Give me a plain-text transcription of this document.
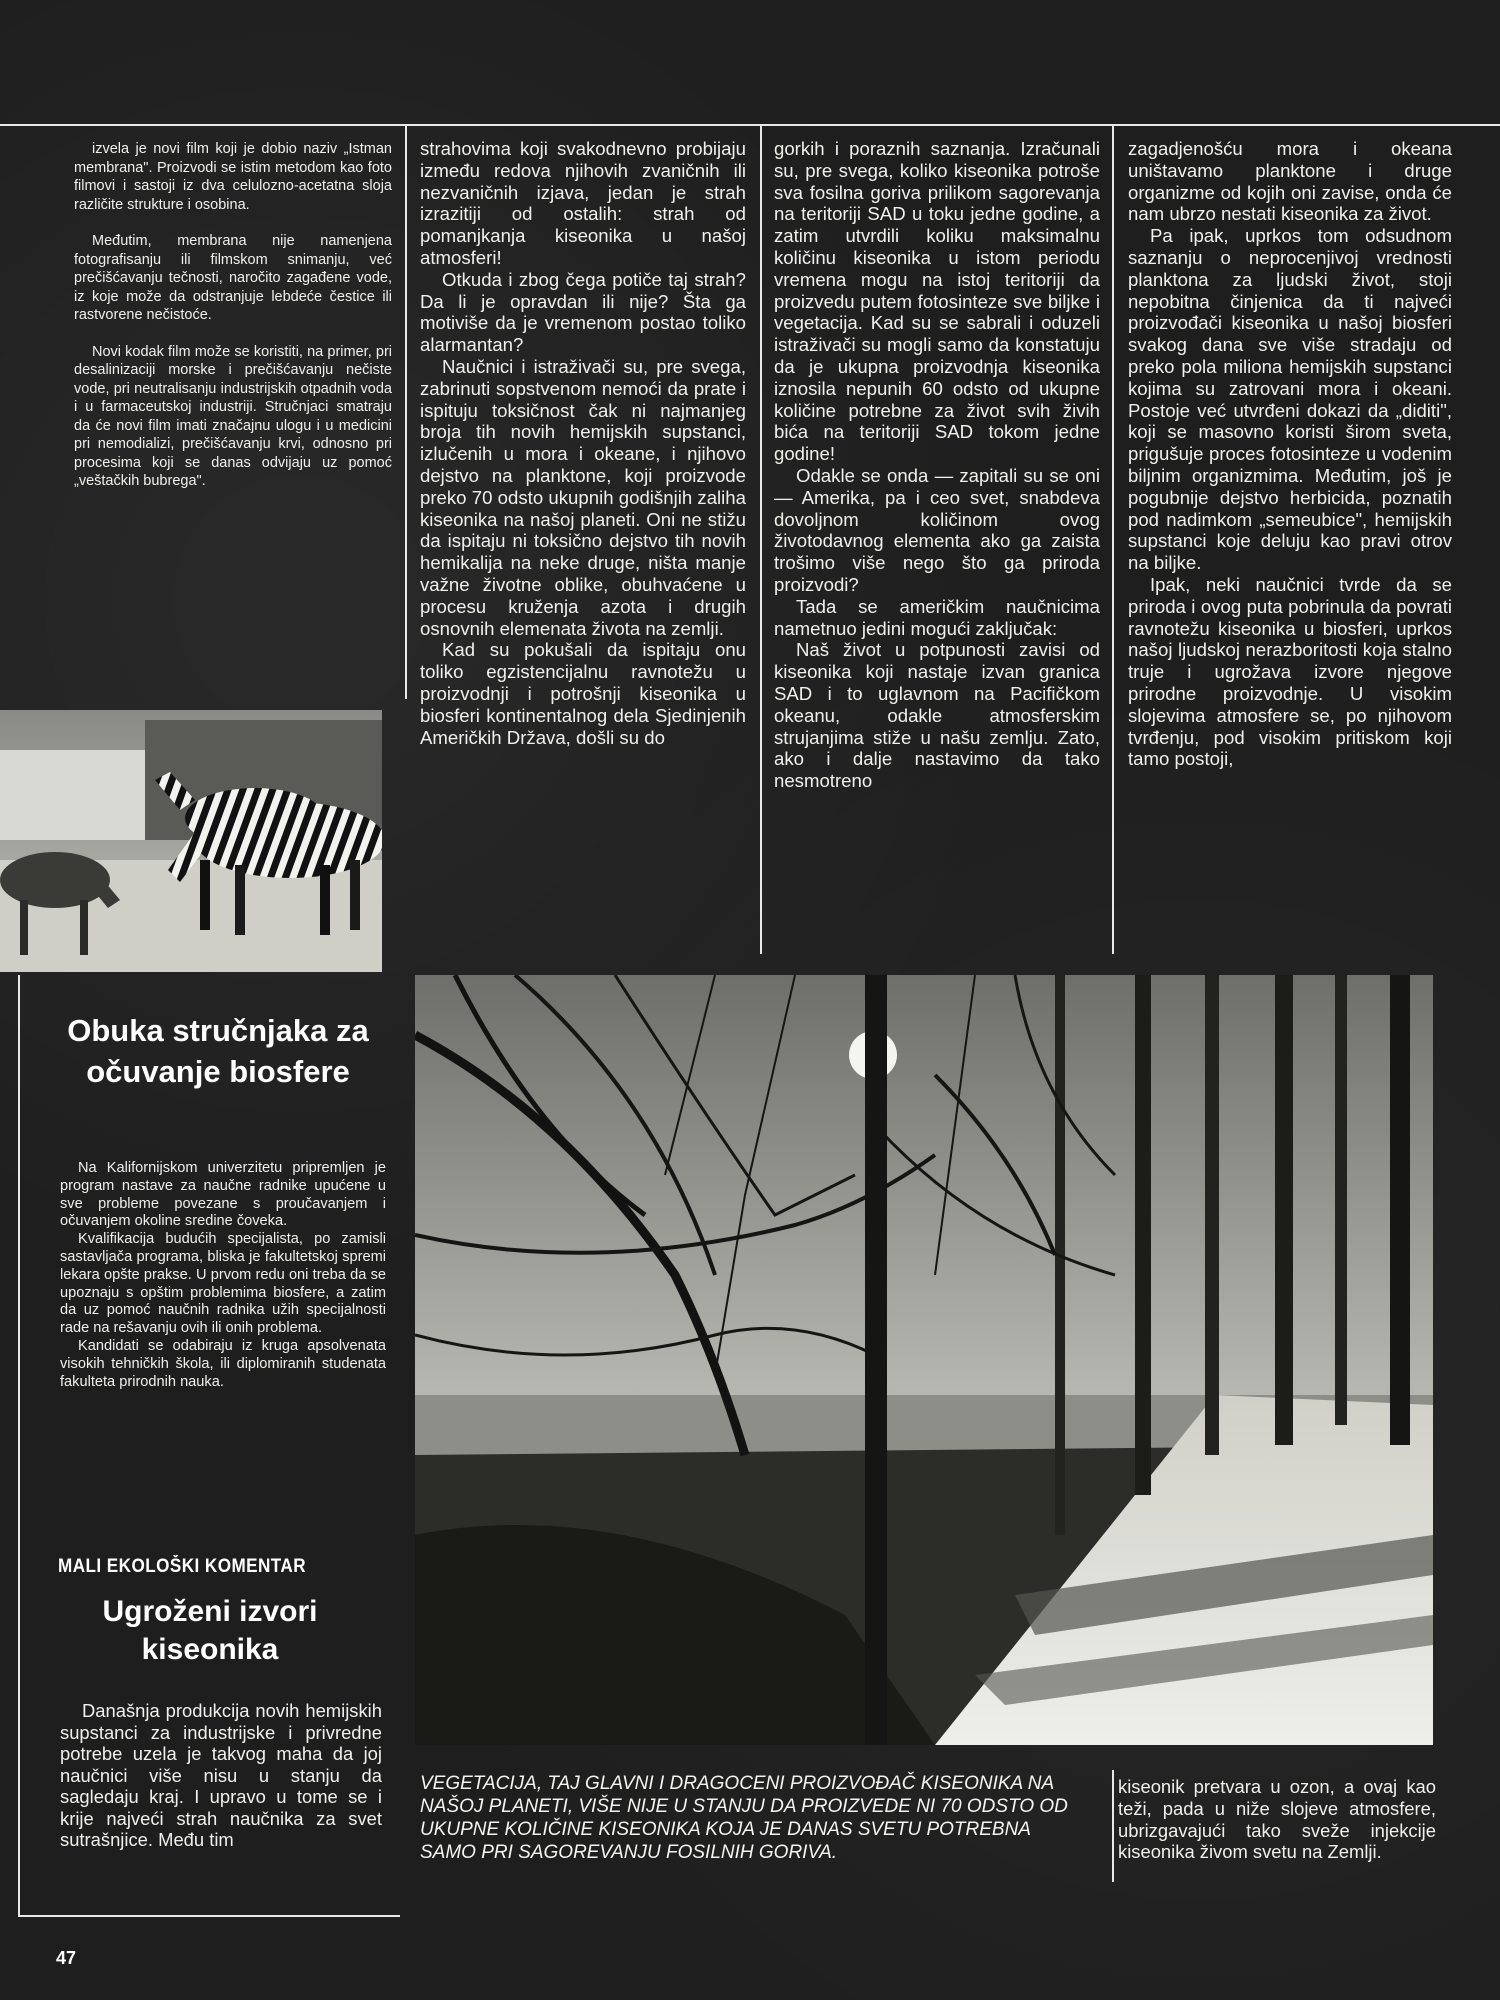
izvela je novi film koji je dobio naziv „Istman membrana". Proizvodi se istim metodom kao foto filmovi i sastoji iz dva celulozno-acetatna sloja različite strukture i osobina.

Međutim, membrana nije namenjena fotografisanju ili filmskom snimanju, već prečišćavanju tečnosti, naročito zagađene vode, iz koje može da odstranjuje lebdeće čestice ili rastvorene nečistoće.

Novi kodak film može se koristiti, na primer, pri desalinizaciji morske i prečišćavanju nečiste vode, pri neutralisanju industrijskih otpadnih voda i u farmaceutskoj industriji. Stručnjaci smatraju da će novi film imati značajnu ulogu i u medicini pri nemodializi, prečišćavanju krvi, odnosno pri procesima koji se danas odvijaju uz pomoć „veštačkih bubrega".

Obuka stručnjaka za očuvanje biosfere

Na Kalifornijskom univerzitetu pripremljen je program nastave za naučne radnike upućene u sve probleme povezane s proučavanjem i očuvanjem okoline sredine čoveka.

Kvalifikacija budućih specijalista, po zamisli sastavljača programa, bliska je fakultetskoj spremi lekara opšte prakse. U prvom redu oni treba da se upoznaju s opštim problemima biosfere, a zatim da uz pomoć naučnih radnika užih specijalnosti rade na rešavanju ovih ili onih problema.

Kandidati se odabiraju iz kruga apsolvenata visokih tehničkih škola, ili diplomiranih studenata fakulteta prirodnih nauka.

MALI EKOLOŠKI KOMENTAR
Ugroženi izvori kiseonika

Današnja produkcija novih hemijskih supstanci za industrijske i privredne potrebe uzela je takvog maha da joj naučnici više nisu u stanju da sagledaju kraj. I upravo u tome se i krije najveći strah naučnika za svet sutrašnjice. Među tim

strahovima koji svakodnevno probijaju između redova njihovih zvaničnih ili nezvaničnih izjava, jedan je strah izrazitiji od ostalih: strah od pomanjkanja kiseonika u našoj atmosferi!

Otkuda i zbog čega potiče taj strah? Da li je opravdan ili nije? Šta ga motiviše da je vremenom postao toliko alarmantan?

Naučnici i istraživači su, pre svega, zabrinuti sopstvenom nemoći da prate i ispituju toksičnost čak ni najmanjeg broja tih novih hemijskih supstanci, izlučenih u mora i okeane, i njihovo dejstvo na planktone, koji proizvode preko 70 odsto ukupnih godišnjih zaliha kiseonika na našoj planeti. Oni ne stižu da ispitaju ni toksično dejstvo tih novih hemikalija na neke druge, ništa manje važne životne oblike, obuhvaćene u procesu kruženja azota i drugih osnovnih elemenata života na zemlji.

Kad su pokušali da ispitaju onu toliko egzistencijalnu ravnotežu u proizvodnji i potrošnji kiseonika u biosferi kontinentalnog dela Sjedinjenih Američkih Država, došli su do

gorkih i poraznih saznanja. Izračunali su, pre svega, koliko kiseonika potroše sva fosilna goriva prilikom sagorevanja na teritoriji SAD u toku jedne godine, a zatim utvrdili koliku maksimalnu količinu kiseonika u istom periodu vremena mogu na istoj teritoriji da proizvedu putem fotosinteze sve biljke i vegetacija. Kad su se sabrali i oduzeli istraživači su mogli samo da konstatuju da je ukupna proizvodnja kiseonika iznosila nepunih 60 odsto od ukupne količine potrebne za život svih živih bića na teritoriji SAD tokom jedne godine!

Odakle se onda — zapitali su se oni — Amerika, pa i ceo svet, snabdeva dovoljnom količinom ovog životodavnog elementa ako ga zaista trošimo više nego što ga priroda proizvodi?

Tada se američkim naučnicima nametnuo jedini mogući zaključak:

Naš život u potpunosti zavisi od kiseonika koji nastaje izvan granica SAD i to uglavnom na Pacifičkom okeanu, odakle atmosferskim strujanjima stiže u našu zemlju. Zato, ako i dalje nastavimo da tako nesmotreno

zagadjenošću mora i okeana uništavamo planktone i druge organizme od kojih oni zavise, onda će nam ubrzo nestati kiseonika za život.

Pa ipak, uprkos tom odsudnom saznanju o neprocenjivoj vrednosti planktona za ljudski život, stoji nepobitna činjenica da ti najveći proizvođači kiseonika u našoj biosferi svakog dana sve više stradaju od preko pola miliona hemijskih supstanci kojima su zatrovani mora i okeani. Postoje već utvrđeni dokazi da „diditi", koji se masovno koristi širom sveta, prigušuje proces fotosinteze u vodenim biljnim organizmima. Međutim, još je pogubnije dejstvo herbicida, poznatih pod nadimkom „semeubice", hemijskih supstanci koje deluju kao pravi otrov na biljke.

Ipak, neki naučnici tvrde da se priroda i ovog puta pobrinula da povrati ravnotežu kiseonika u biosferi, uprkos našoj ljudskoj nerazboritosti koja stalno truje i ugrožava izvore njegove prirodne proizvodnje. U visokim slojevima atmosfere se, po njihovom tvrđenju, pod visokim pritiskom koji tamo postoji,

VEGETACIJA, TAJ GLAVNI I DRAGOCENI PROIZVOĐAČ KISEONIKA NA NAŠOJ PLANETI, VIŠE NIJE U STANJU DA PROIZVEDE NI 70 ODSTO OD UKUPNE KOLIČINE KISEONIKA KOJA JE DANAS SVETU POTREBNA SAMO PRI SAGOREVANJU FOSILNIH GORIVA.

kiseonik pretvara u ozon, a ovaj kao teži, pada u niže slojeve atmosfere, ubrizgavajući tako sveže injekcije kiseonika živom svetu na Zemlji.

47
